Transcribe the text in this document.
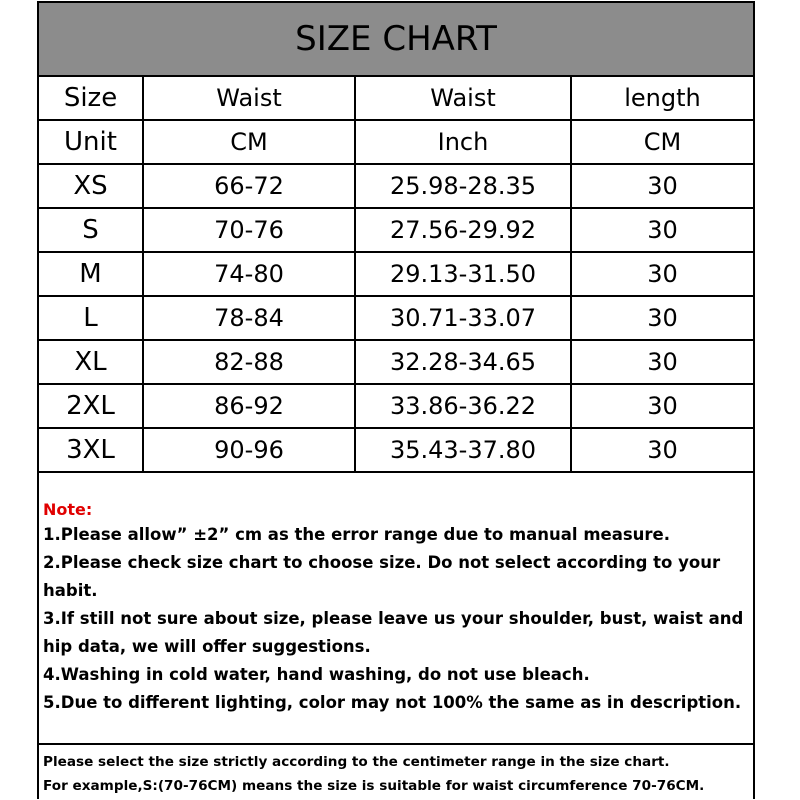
SIZE CHART
Size	Waist	Waist	length
Unit	CM	Inch	CM
XS	66-72	25.98-28.35	30
S	70-76	27.56-29.92	30
M	74-80	29.13-31.50	30
L	78-84	30.71-33.07	30
XL	82-88	32.28-34.65	30
2XL	86-92	33.86-36.22	30
3XL	90-96	35.43-37.80	30
Note:
1.Please allow” ±2” cm as the error range due to manual measure.
2.Please check size chart to choose size. Do not select according to your habit.
3.If still not sure about size, please leave us your shoulder, bust, waist and hip data, we will offer suggestions.
4.Washing in cold water, hand washing, do not use bleach.
5.Due to different lighting, color may not 100% the same as in description.
Please select the size strictly according to the centimeter range in the size chart.
For example,S:(70-76CM) means the size is suitable for waist circumference 70-76CM.
